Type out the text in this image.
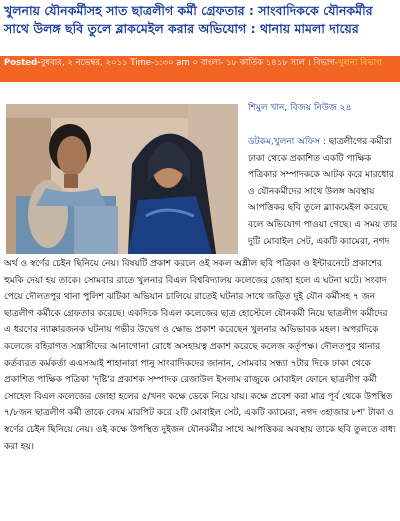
খুলনায় যৌনকর্মীসহ সাত ছাত্রলীগ কর্মী গ্রেফতার : সাংবাদিককে যৌনকর্মীর সাথে উলঙ্গ ছবি তুলে ব্লাকমেইল করার অভিযোগ : থানায় মামলা দায়ের
Posted-বুধবার, ২ নভেম্বর, ২০১১ Time-১:৩০ am ০ বাংলা- ১৮ কার্তিক ১৪১৮ সাল । বিভাগ-খুলনা বিভাগ
শিমুল খান, বিজয় নিউজ ২৪
ডটকম,খুলনা অফিস : ছাত্রলীগের কর্মীরা ঢাকা থেকে প্রকাশিত একটি পাক্ষিক পত্রিকার সম্পাদককে আটক করে মারধোর ও যৌনকর্মীদের সাথে উলঙ্গ অবস্থায় আপত্তিকর ছবি তুলে ব্ল্যাকমেইল করেছে বলে অভিযোগ পাওয়া গেছে। এ সময় তার দুটি মোবাইল সেট, একটি ক্যামেরা, নগদ
অর্থ ও স্বর্ণের চেইন ছিনিয়ে নেয়। বিষয়টি প্রকাশ করলে ওই সকল অশ্লীল ছবি পত্রিকা ও ইন্টারনেটে প্রকাশের হুমকি দেয়া হয় তাকে। সোমবার রাতে খুলনার বিএল বিশ্ববিদ্যালয় কলেজের জোহা হলে এ ঘটনা ঘটে। সংবাদ পেয়ে দৌলতপুর থানা পুলিশ ঝটিকা অভিযান চালিয়ে রাতেই ঘটনার সাথে জড়িত দুই যৌন কর্মীসহ ৭ জন ছাত্রলীগ কর্মীকে গ্রেফতার করেছে। একদিকে বিএল কলেজের ছাত্র হোস্টেলে যৌনকর্মী নিয়ে ছাত্রলীগ কর্মীদের এ ধরণের ন্যাক্কারজনক ঘটনায় গভীর উদ্বেগ ও ক্ষোভ প্রকাশ করেছেন খুলনার অভিভাবক মহল। অপরদিকে কলেজে বহিরাগত সন্ত্রাসীদের আনাগোনা রোধে অসহায়ত্ব প্রকাশ করেছে কলেজ কর্তৃপক্ষ। দৌলতপুর থানার কর্তব্যরত কর্মকর্তা এএসআই শাহানারা পানু সাংবাদিকদের জানান, সোমবার সন্ধ্যা ৭টার দিকে ঢাকা থেকে প্রকাশিত পাক্ষিক পত্রিকা 'দৃষ্টি'র প্রকাশক সম্পাদক রেজাউল ইসলাম রাজুকে মোবাইল ফোনে ছাত্রলীগ কর্মী সোহেল বিএল কলেজের জোহা হলের ৫/খনং কক্ষে ডেকে নিয়ে যায়। কক্ষে প্রবেশ করা মাত্র পূর্ব থেকে উপস্থিত ৭/৮জন ছাত্রলীগ কর্মী তাকে বেদম মারপিট করে ২টি মোবাইল সেট, একটি ক্যামেরা, নগদ ৩হাজার ৮শ' টাকা ও স্বর্ণের চেইন ছিনিয়ে নেয়। ওই কক্ষে উপস্থিত দুইজন যৌনকর্মীর সাথে আপত্তিকর অবস্থায় তাকে ছবি তুলতে বাধ্য করা হয়।
